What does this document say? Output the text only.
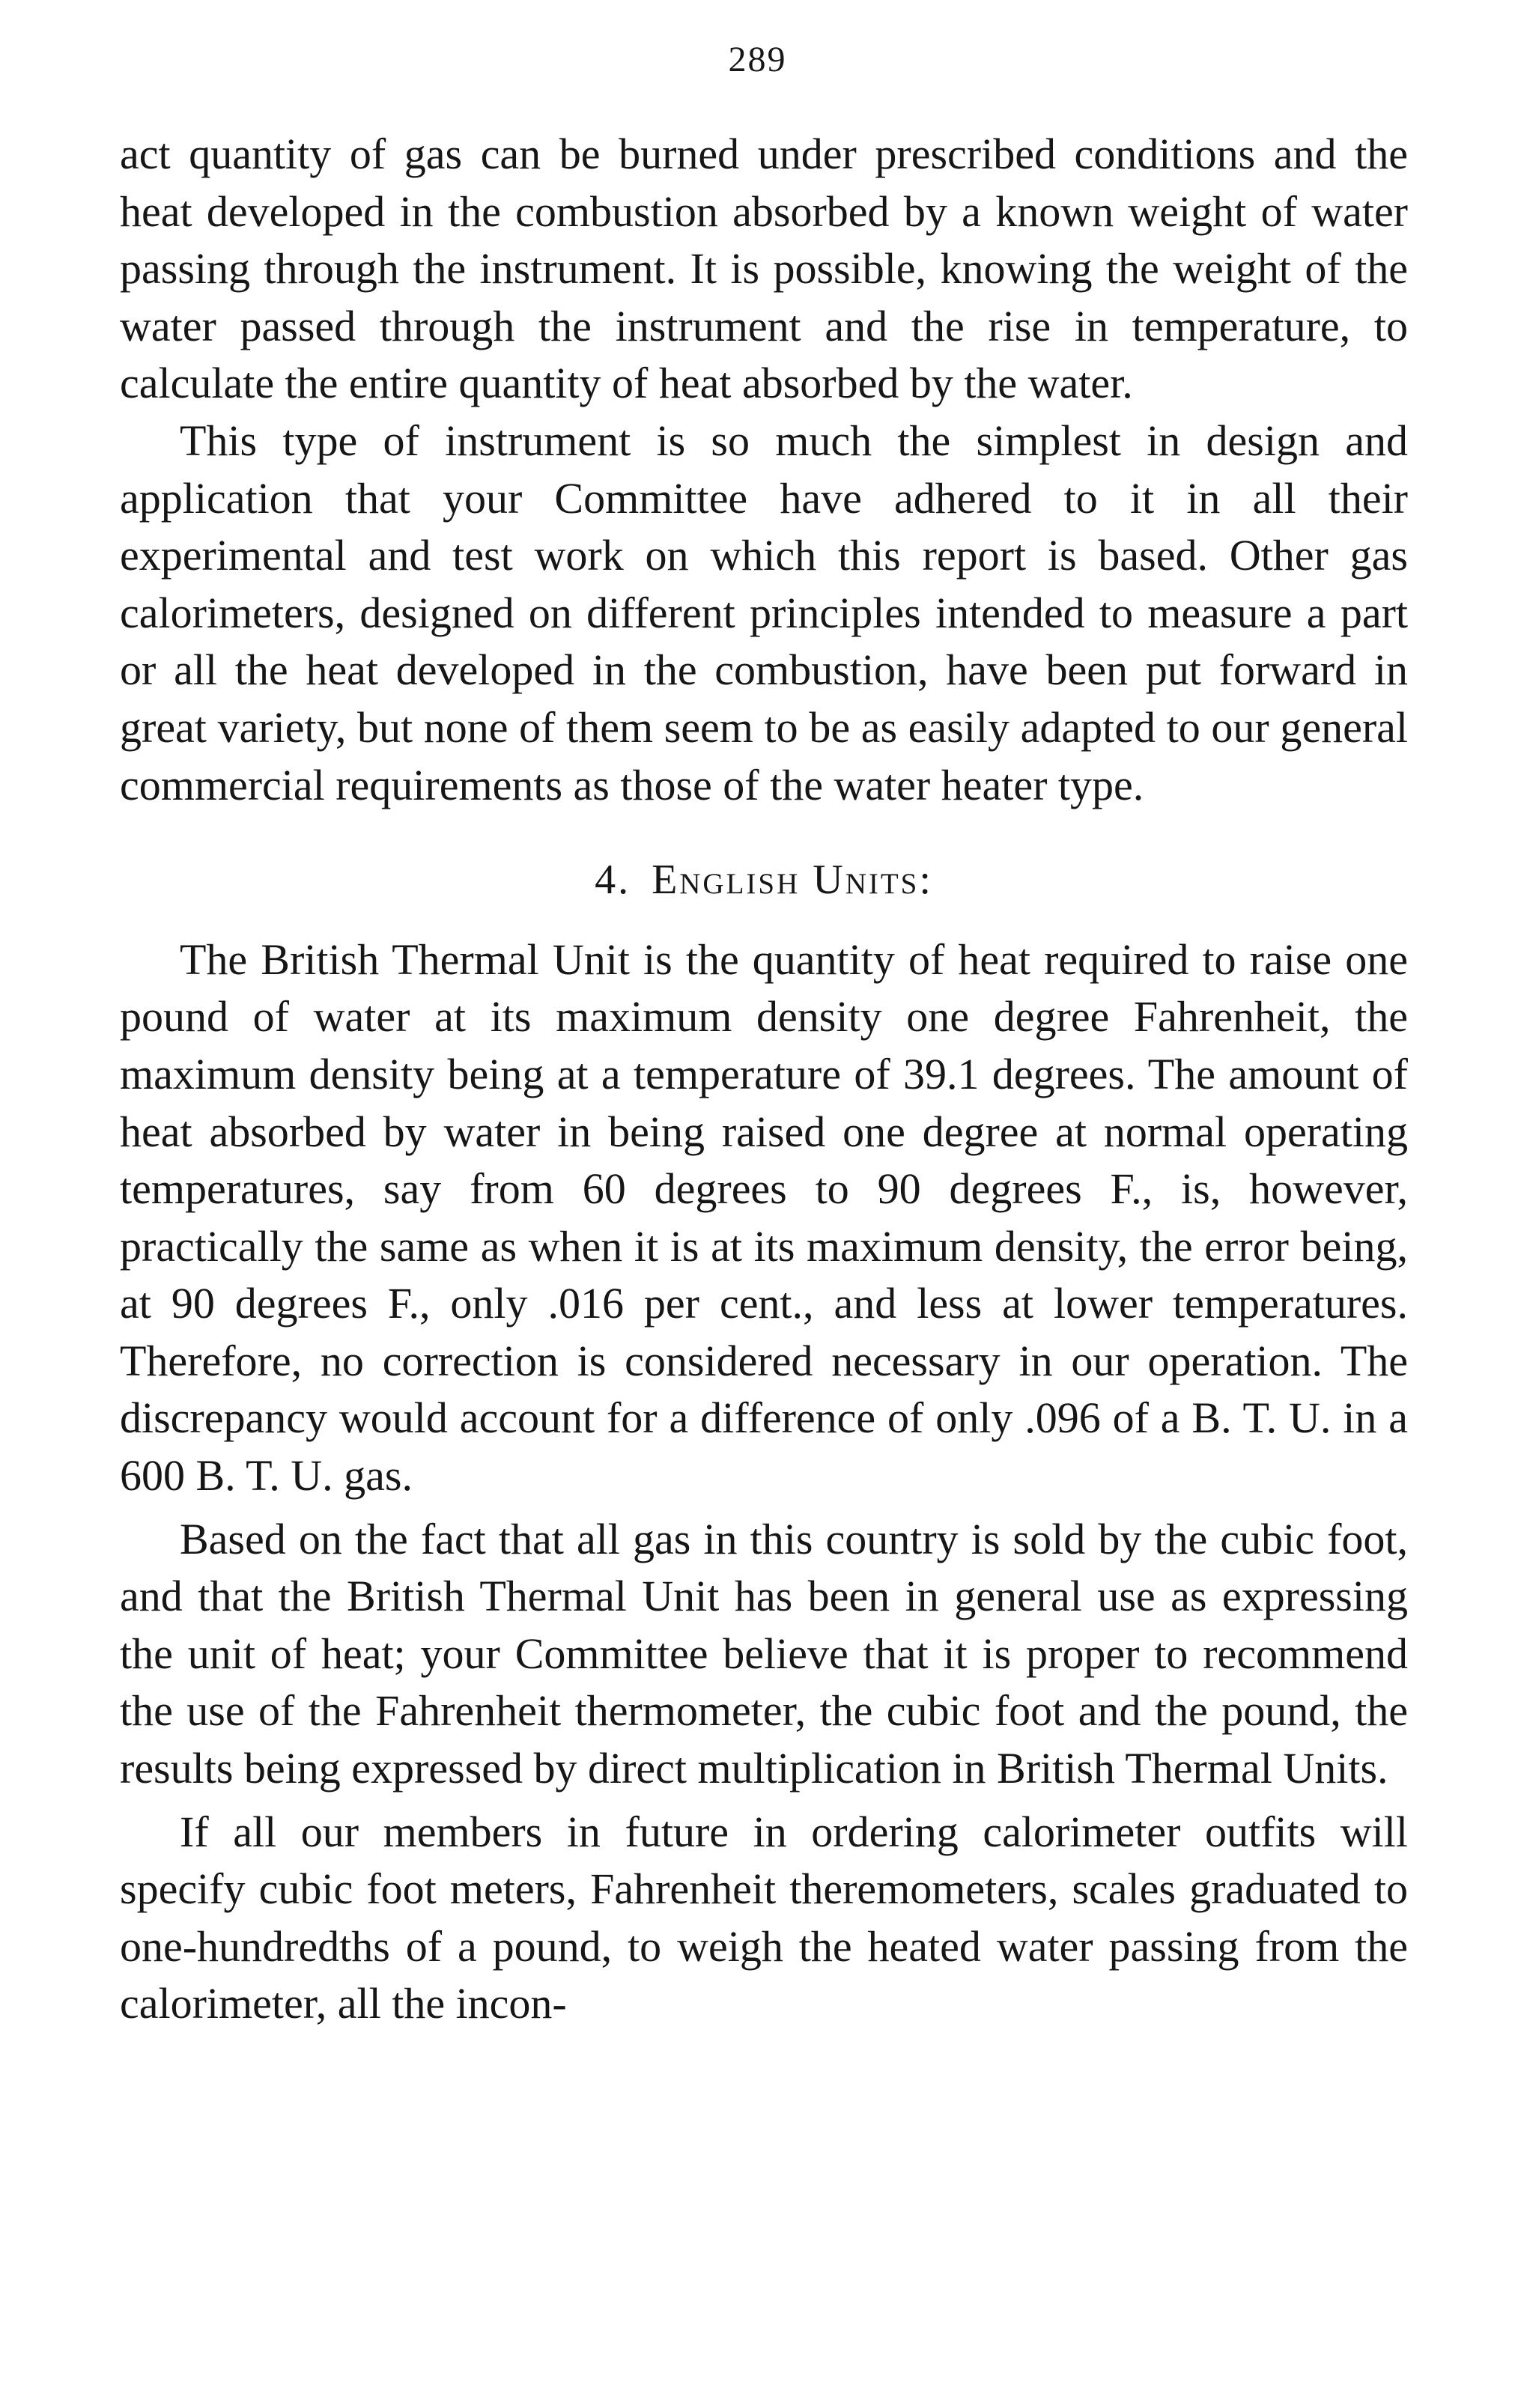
289

act quantity of gas can be burned under prescribed conditions and the heat developed in the combustion absorbed by a known weight of water passing through the instrument. It is possible, knowing the weight of the water passed through the instrument and the rise in temperature, to calculate the entire quantity of heat absorbed by the water.

This type of instrument is so much the simplest in design and application that your Committee have adhered to it in all their experimental and test work on which this report is based. Other gas calorimeters, designed on different principles intended to measure a part or all the heat developed in the combustion, have been put forward in great variety, but none of them seem to be as easily adapted to our general commercial requirements as those of the water heater type.

4. English Units:

The British Thermal Unit is the quantity of heat required to raise one pound of water at its maximum density one degree Fahrenheit, the maximum density being at a temperature of 39.1 degrees. The amount of heat absorbed by water in being raised one degree at normal operating temperatures, say from 60 degrees to 90 degrees F., is, however, practically the same as when it is at its maximum density, the error being, at 90 degrees F., only .016 per cent., and less at lower temperatures. Therefore, no correction is considered necessary in our operation. The discrepancy would account for a difference of only .096 of a B. T. U. in a 600 B. T. U. gas.

Based on the fact that all gas in this country is sold by the cubic foot, and that the British Thermal Unit has been in general use as expressing the unit of heat; your Committee believe that it is proper to recommend the use of the Fahrenheit thermometer, the cubic foot and the pound, the results being expressed by direct multiplication in British Thermal Units.

If all our members in future in ordering calorimeter outfits will specify cubic foot meters, Fahrenheit theremometers, scales graduated to one-hundredths of a pound, to weigh the heated water passing from the calorimeter, all the incon-
